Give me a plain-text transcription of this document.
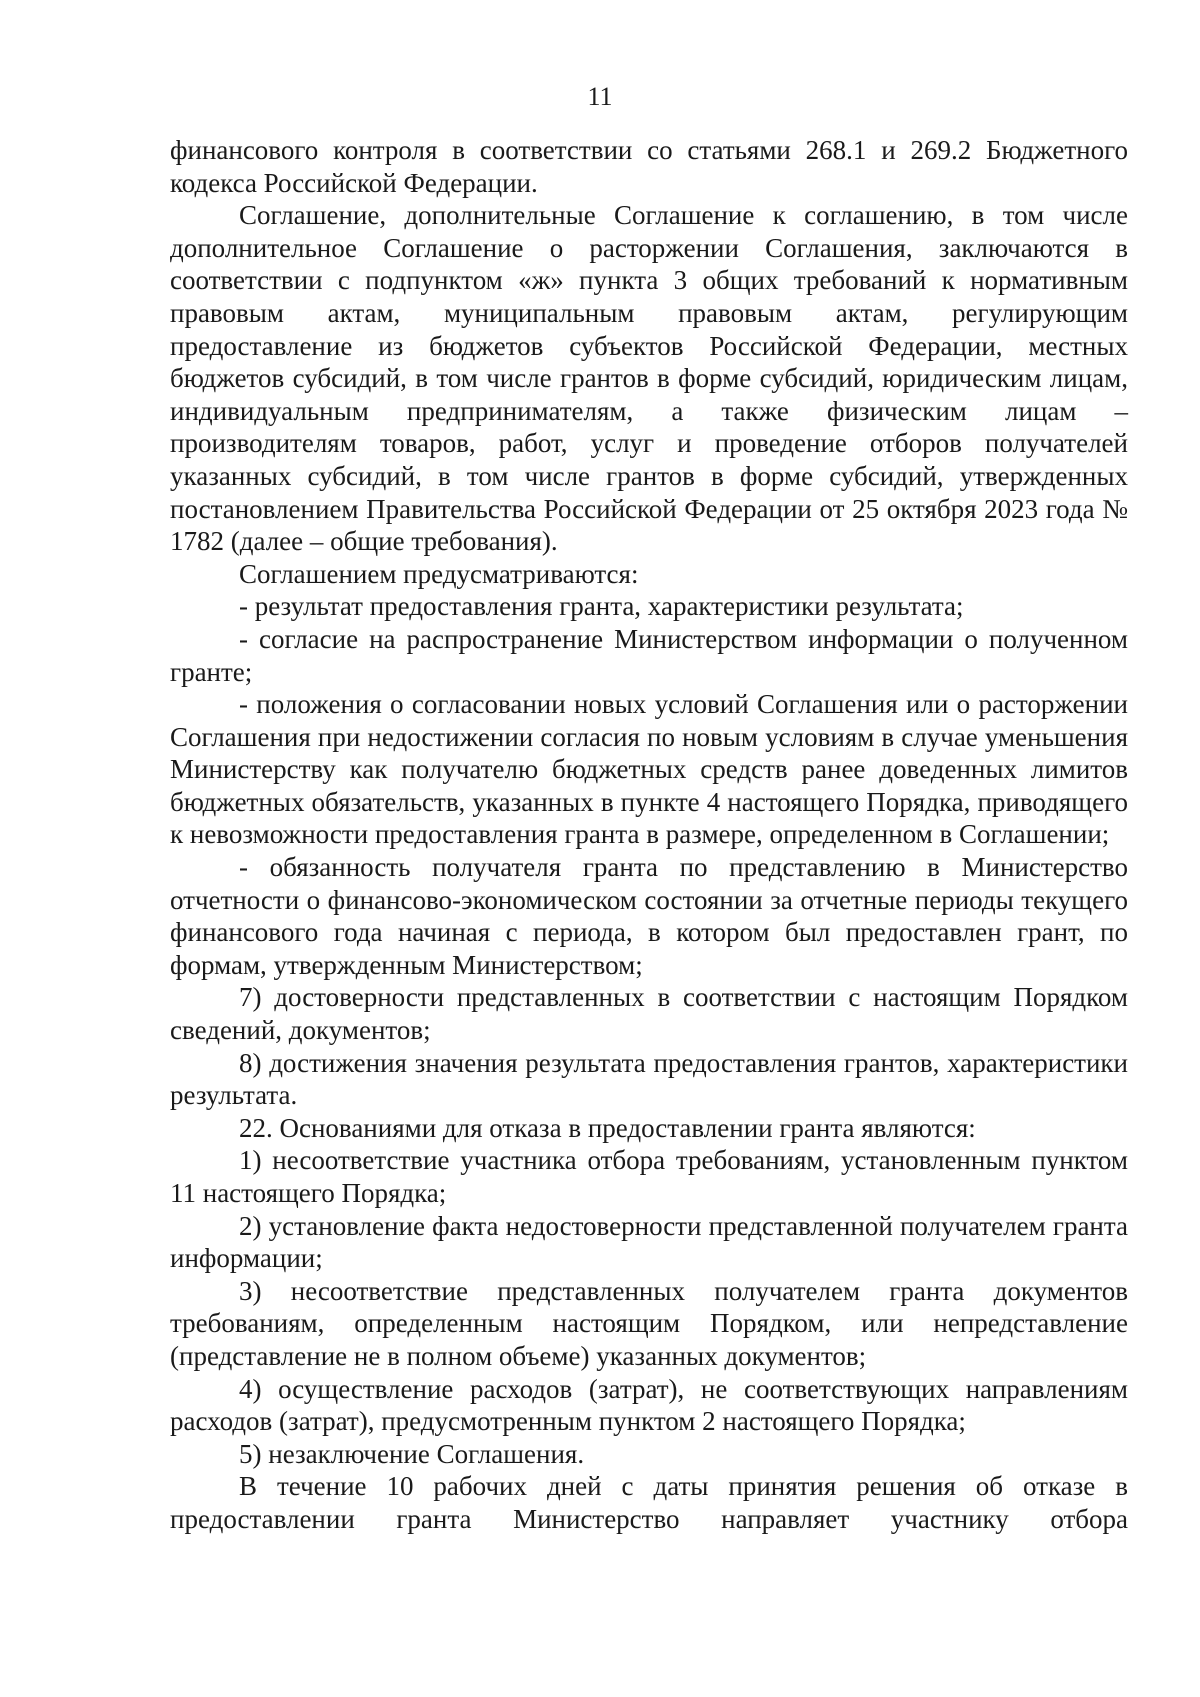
11

финансового контроля в соответствии со статьями 268.1 и 269.2 Бюджетного кодекса Российской Федерации.

Соглашение, дополнительные Соглашение к соглашению, в том числе дополнительное Соглашение о расторжении Соглашения, заключаются в соответствии с подпунктом «ж» пункта 3 общих требований к нормативным правовым актам, муниципальным правовым актам, регулирующим предоставление из бюджетов субъектов Российской Федерации, местных бюджетов субсидий, в том числе грантов в форме субсидий, юридическим лицам, индивидуальным предпринимателям, а также физическим лицам – производителям товаров, работ, услуг и проведение отборов получателей указанных субсидий, в том числе грантов в форме субсидий, утвержденных постановлением Правительства Российской Федерации от 25 октября 2023 года № 1782 (далее – общие требования).

Соглашением предусматриваются:

- результат предоставления гранта, характеристики результата;

- согласие на распространение Министерством информации о полученном гранте;

- положения о согласовании новых условий Соглашения или о расторжении Соглашения при недостижении согласия по новым условиям в случае уменьшения Министерству как получателю бюджетных средств ранее доведенных лимитов бюджетных обязательств, указанных в пункте 4 настоящего Порядка, приводящего к невозможности предоставления гранта в размере, определенном в Соглашении;

- обязанность получателя гранта по представлению в Министерство отчетности о финансово-экономическом состоянии за отчетные периоды текущего финансового года начиная с периода, в котором был предоставлен грант, по формам, утвержденным Министерством;

7) достоверности представленных в соответствии с настоящим Порядком сведений, документов;

8) достижения значения результата предоставления грантов, характеристики результата.

22. Основаниями для отказа в предоставлении гранта являются:

1) несоответствие участника отбора требованиям, установленным пунктом 11 настоящего Порядка;

2) установление факта недостоверности представленной получателем гранта информации;

3) несоответствие представленных получателем гранта документов требованиям, определенным настоящим Порядком, или непредставление (представление не в полном объеме) указанных документов;

4) осуществление расходов (затрат), не соответствующих направлениям расходов (затрат), предусмотренным пунктом 2 настоящего Порядка;

5) незаключение Соглашения.

В течение 10 рабочих дней с даты принятия решения об отказе в предоставлении гранта Министерство направляет участнику отбора
